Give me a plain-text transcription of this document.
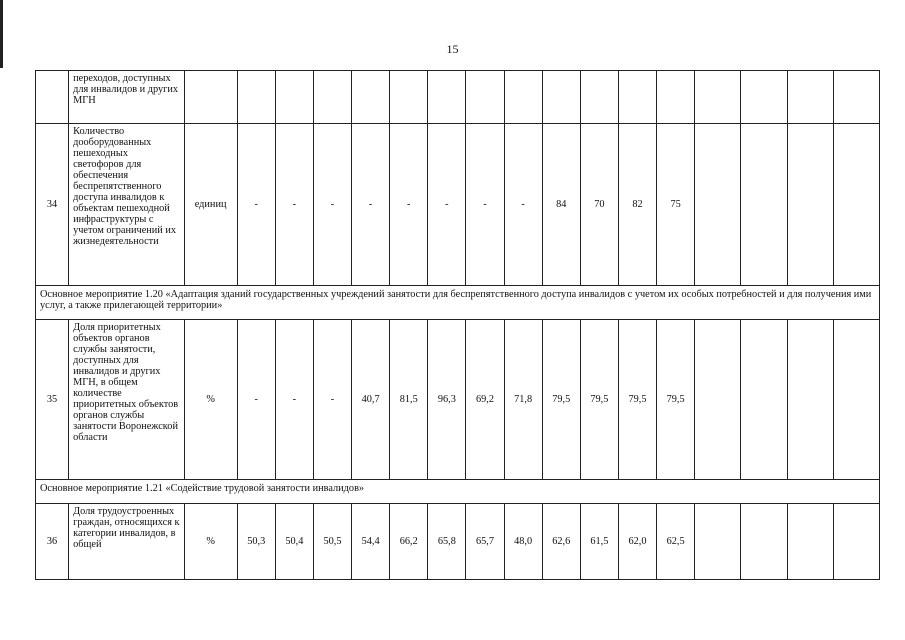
15
	переходов, доступных для инвалидов и других МГН																	
34	Количество дооборудованных пешеходных светофоров для обеспечения беспрепятственного доступа инвалидов к объектам пешеходной инфраструктуры с учетом ограничений их жизнедеятельности	единиц	-	-	-	-	-	-	-	-	84	70	82	75				
Основное мероприятие 1.20 «Адаптация зданий государственных учреждений занятости для беспрепятственного доступа инвалидов с учетом их особых потребностей и для получения ими услуг, а также прилегающей территории»																		
35	Доля приоритетных объектов органов службы занятости, доступных для инвалидов и других МГН, в общем количестве приоритетных объектов органов службы занятости Воронежской области	%	-	-	-	40,7	81,5	96,3	69,2	71,8	79,5	79,5	79,5	79,5				
Основное мероприятие 1.21 «Содействие трудовой занятости инвалидов»																		
36	Доля трудоустроенных граждан, относящихся к категории инвалидов, в общей	%	50,3	50,4	50,5	54,4	66,2	65,8	65,7	48,0	62,6	61,5	62,0	62,5				
